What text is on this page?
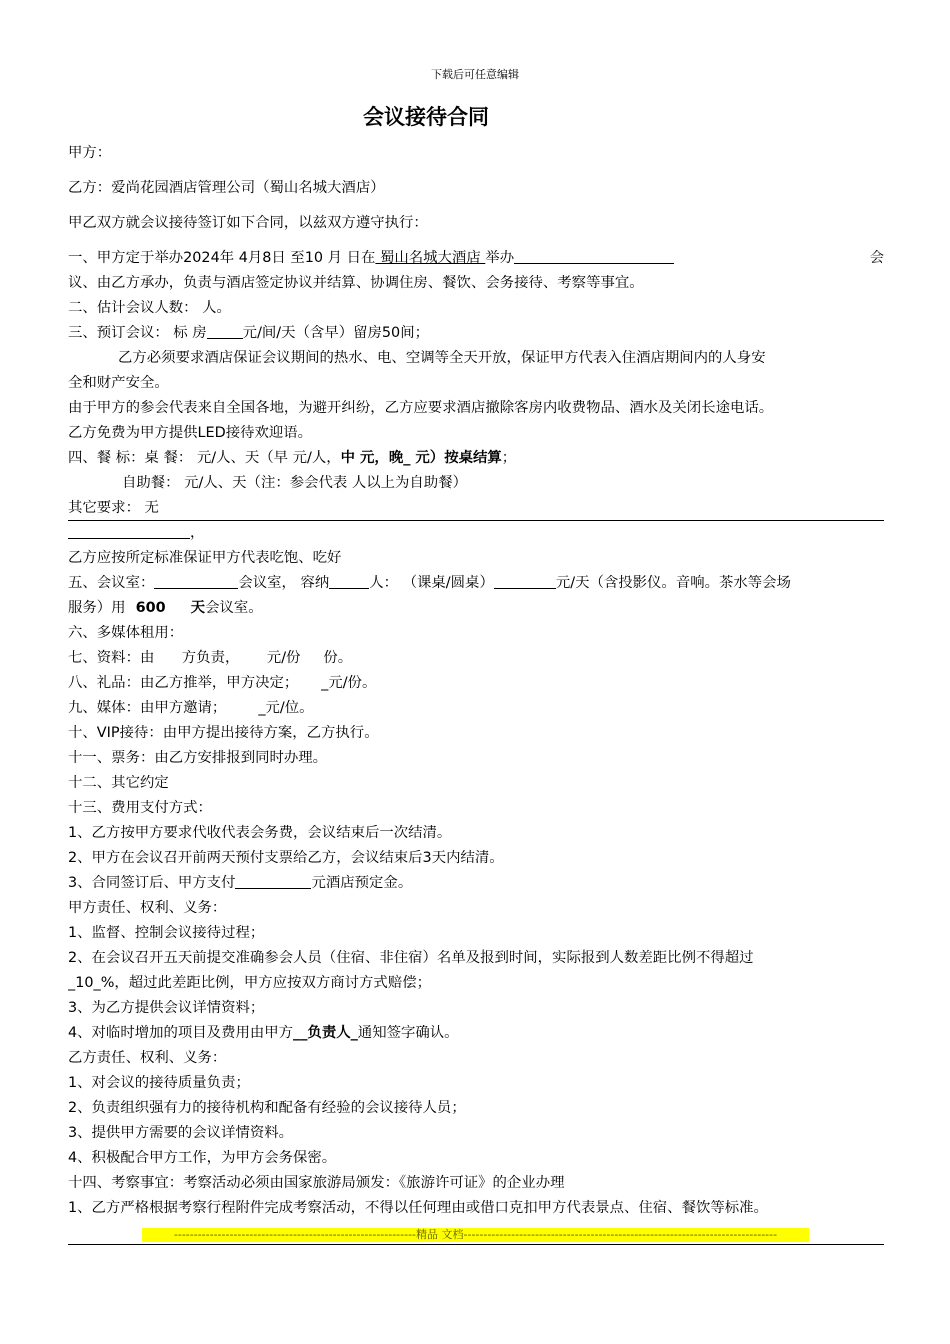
下载后可任意编辑
会议接待合同
甲方：
乙方：爱尚花园酒店管理公司（蜀山名城大酒店）
甲乙双方就会议接待签订如下合同，以兹双方遵守执行：
一、甲方定于举办2024年 4月8日 至10 月 日在 蜀山名城大酒店 举办	会
议、由乙方承办，负责与酒店签定协议并结算、协调住房、餐饮、会务接待、考察等事宜。
二、估计会议人数： 人。
三、预订会议： 标 房	元/间/天（含早）留房50间；
乙方必须要求酒店保证会议期间的热水、电、空调等全天开放，保证甲方代表入住酒店期间内的人身安
全和财产安全。
由于甲方的参会代表来自全国各地，为避开纠纷，乙方应要求酒店撤除客房内收费物品、酒水及关闭长途电话。
乙方免费为甲方提供LED接待欢迎语。
四、餐 标：桌 餐： 元/人、天（早 元/人，中 元，晚_ 元）按桌结算；
自助餐： 元/人、天（注：参会代表 人以上为自助餐）
其它要求： 无
，
乙方应按所定标准保证甲方代表吃饱、吃好
五、会议室：	会议室， 容纳	人： （课桌/圆桌）	元/天（含投影仪。音响。茶水等会场
服务）用  600     天会议室。
六、多媒体租用：
七、资料：由      方负责，      元/份     份。
八、礼品：由乙方推举，甲方决定；     _元/份。
九、媒体：由甲方邀请；       _元/位。
十、VIP接待：由甲方提出接待方案，乙方执行。
十一、票务：由乙方安排报到同时办理。
十二、其它约定
十三、费用支付方式：
1、乙方按甲方要求代收代表会务费，会议结束后一次结清。
2、甲方在会议召开前两天预付支票给乙方，会议结束后3天内结清。
3、合同签订后、甲方支付	元酒店预定金。
甲方责任、权利、义务：
1、监督、控制会议接待过程；
2、在会议召开五天前提交准确参会人员（住宿、非住宿）名单及报到时间，实际报到人数差距比例不得超过
_10_%，超过此差距比例，甲方应按双方商讨方式赔偿；
3、为乙方提供会议详情资料；
4、对临时增加的项目及费用由甲方__负责人_通知签字确认。
乙方责任、权利、义务：
1、对会议的接待质量负责；
2、负责组织强有力的接待机构和配备有经验的会议接待人员；
3、提供甲方需要的会议详情资料。
4、积极配合甲方工作，为甲方会务保密。
十四、考察事宜：考察活动必须由国家旅游局颁发：《旅游许可证》的企业办理
1、乙方严格根据考察行程附件完成考察活动，不得以任何理由或借口克扣甲方代表景点、住宿、餐饮等标准。
-------------------------------------------------------------精品 文档-------------------------------------------------------------------------------
